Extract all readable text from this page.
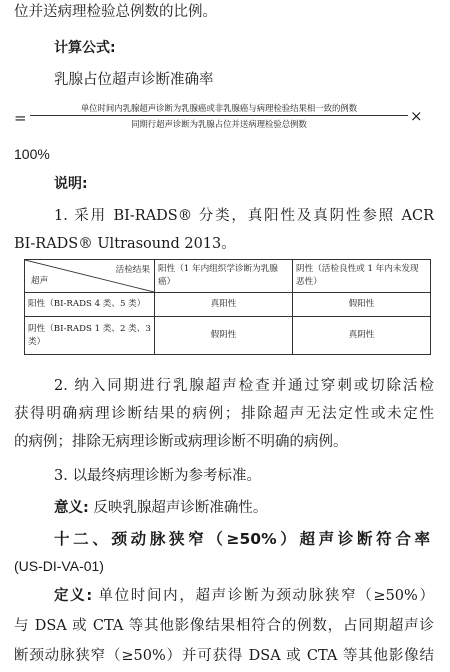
位并送病理检验总例数的比例。
计算公式:
乳腺占位超声诊断准确率
=
单位时间内乳腺超声诊断为乳腺癌或非乳腺癌与病理检验结果相一致的例数
同期行超声诊断为乳腺占位并送病理检验总例数	×
100%
说明:
1. 采用 BI-RADS® 分类，真阳性及真阴性参照 ACR
BI-RADS® Ultrasound 2013。
活检结果
超声	阳性（1 年内组织学诊断为乳腺癌）	阴性（活检良性或 1 年内未发现恶性）
阳性（BI-RADS 4 类、5 类）	真阳性	假阳性
阴性（BI-RADS 1 类、2 类、3 类）	假阴性	真阴性
2. 纳入同期进行乳腺超声检查并通过穿刺或切除活检
获得明确病理诊断结果的病例；排除超声无法定性或未定性
的病例；排除无病理诊断或病理诊断不明确的病例。
3. 以最终病理诊断为参考标准。
意义: 反映乳腺超声诊断准确性。
十二、颈动脉狭窄（≥50%）超声诊断符合率
(US-DI-VA-01)
定义: 单位时间内，超声诊断为颈动脉狭窄（≥50%）
与 DSA 或 CTA 等其他影像结果相符合的例数，占同期超声诊
断颈动脉狭窄（≥50%）并可获得 DSA 或 CTA 等其他影像结
